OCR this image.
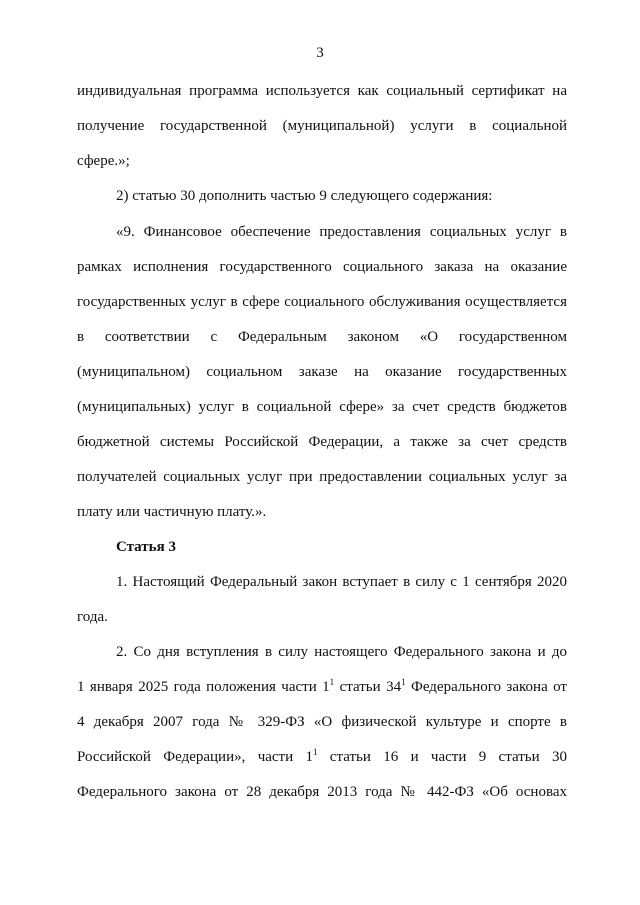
3
индивидуальная программа используется как социальный сертификат на
получение государственной (муниципальной) услуги в социальной
сфере.»;
2) статью 30 дополнить частью 9 следующего содержания:
«9. Финансовое обеспечение предоставления социальных услуг в
рамках исполнения государственного социального заказа на оказание
государственных услуг в сфере социального обслуживания осуществляется
в соответствии с Федеральным законом «О государственном
(муниципальном) социальном заказе на оказание государственных
(муниципальных) услуг в социальной сфере» за счет средств бюджетов
бюджетной системы Российской Федерации, а также за счет средств
получателей социальных услуг при предоставлении социальных услуг за
плату или частичную плату.».
Статья 3
1. Настоящий Федеральный закон вступает в силу с 1 сентября 2020
года.
2. Со дня вступления в силу настоящего Федерального закона и до
1 января 2025 года положения части $1^1$ статьи $34^1$ Федерального закона от
4 декабря 2007 года № 329-ФЗ «О физической культуре и спорте в
Российской Федерации», части $1^1$ статьи 16 и части 9 статьи 30
Федерального закона от 28 декабря 2013 года № 442-ФЗ «Об основах
